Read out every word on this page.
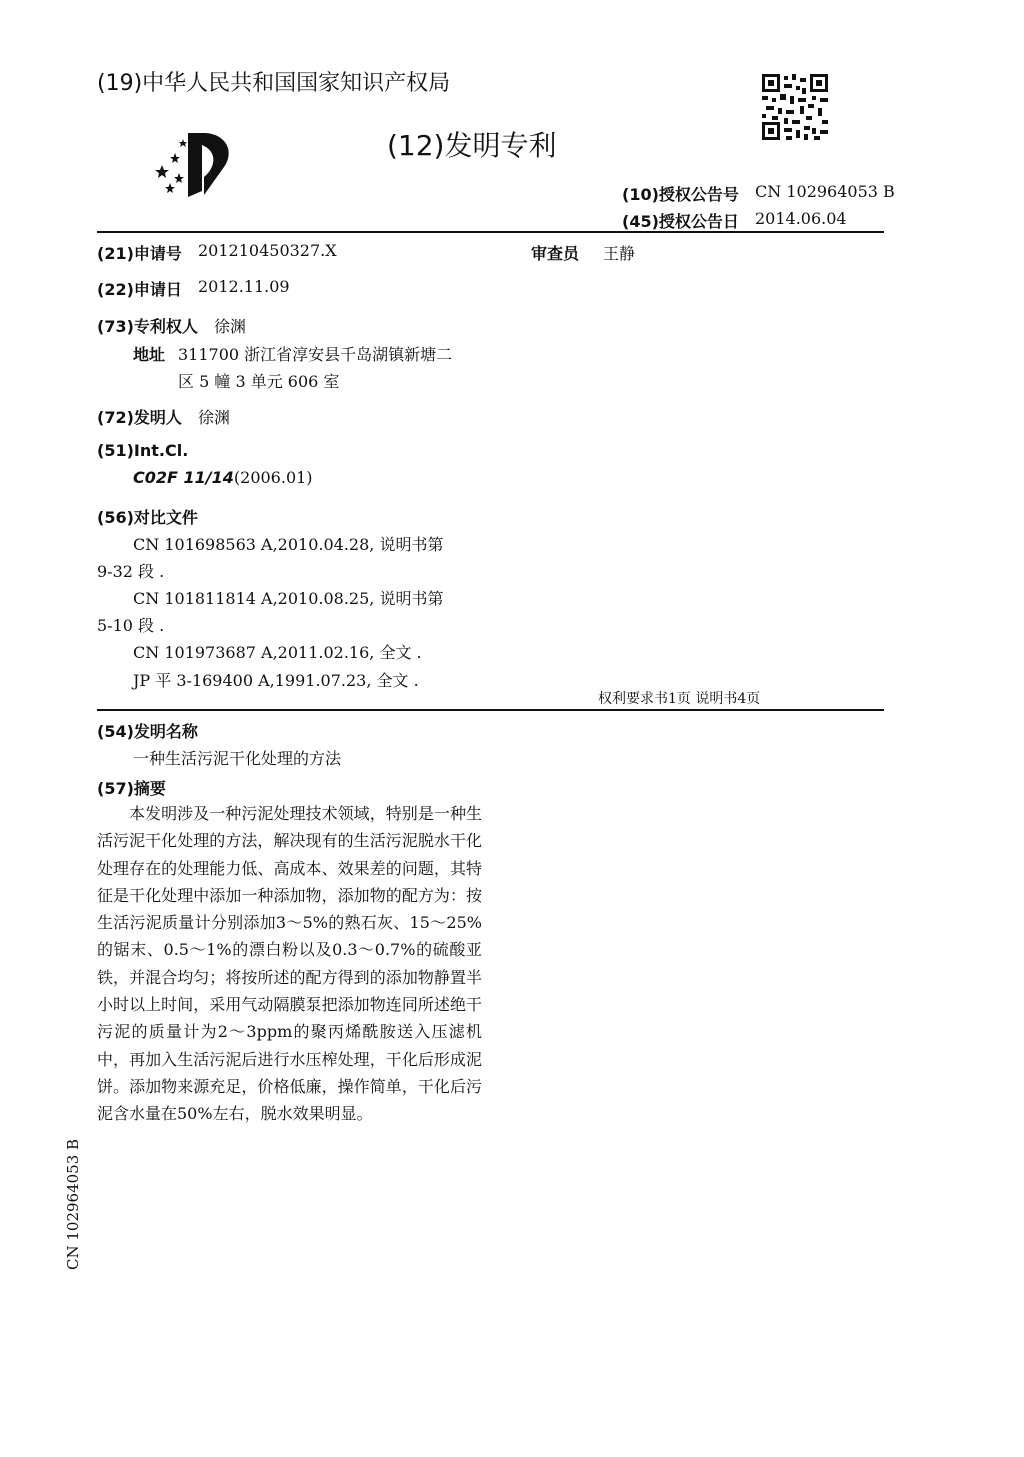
(19)中华人民共和国国家知识产权局
(12)发明专利
(10)授权公告号 CN 102964053 B
(45)授权公告日 2014.06.04
(21)申请号 201210450327.X	审查员 王静
(22)申请日 2012.11.09
(73)专利权人 徐渊
地址 311700 浙江省淳安县千岛湖镇新塘二
区 5 幢 3 单元 606 室
(72)发明人 徐渊
(51)Int.Cl.
C02F 11/14(2006.01)
(56)对比文件
CN 101698563 A,2010.04.28, 说明书第
9-32 段 .
CN 101811814 A,2010.08.25, 说明书第
5-10 段 .
CN 101973687 A,2011.02.16, 全文 .
JP 平 3-169400 A,1991.07.23, 全文 .
权利要求书1页 说明书4页
(54)发明名称
一种生活污泥干化处理的方法
(57)摘要

本发明涉及一种污泥处理技术领域，特别是一种生活污泥干化处理的方法，解决现有的生活污泥脱水干化处理存在的处理能力低、高成本、效果差的问题，其特征是干化处理中添加一种添加物，添加物的配方为：按生活污泥质量计分别添加3～5%的熟石灰、15～25%的锯末、0.5～1%的漂白粉以及0.3～0.7%的硫酸亚铁，并混合均匀；将按所述的配方得到的添加物静置半小时以上时间，采用气动隔膜泵把添加物连同所述绝干污泥的质量计为2～3ppm的聚丙烯酰胺送入压滤机中，再加入生活污泥后进行水压榨处理，干化后形成泥饼。添加物来源充足，价格低廉，操作简单，干化后污泥含水量在50%左右，脱水效果明显。

CN 102964053 B
